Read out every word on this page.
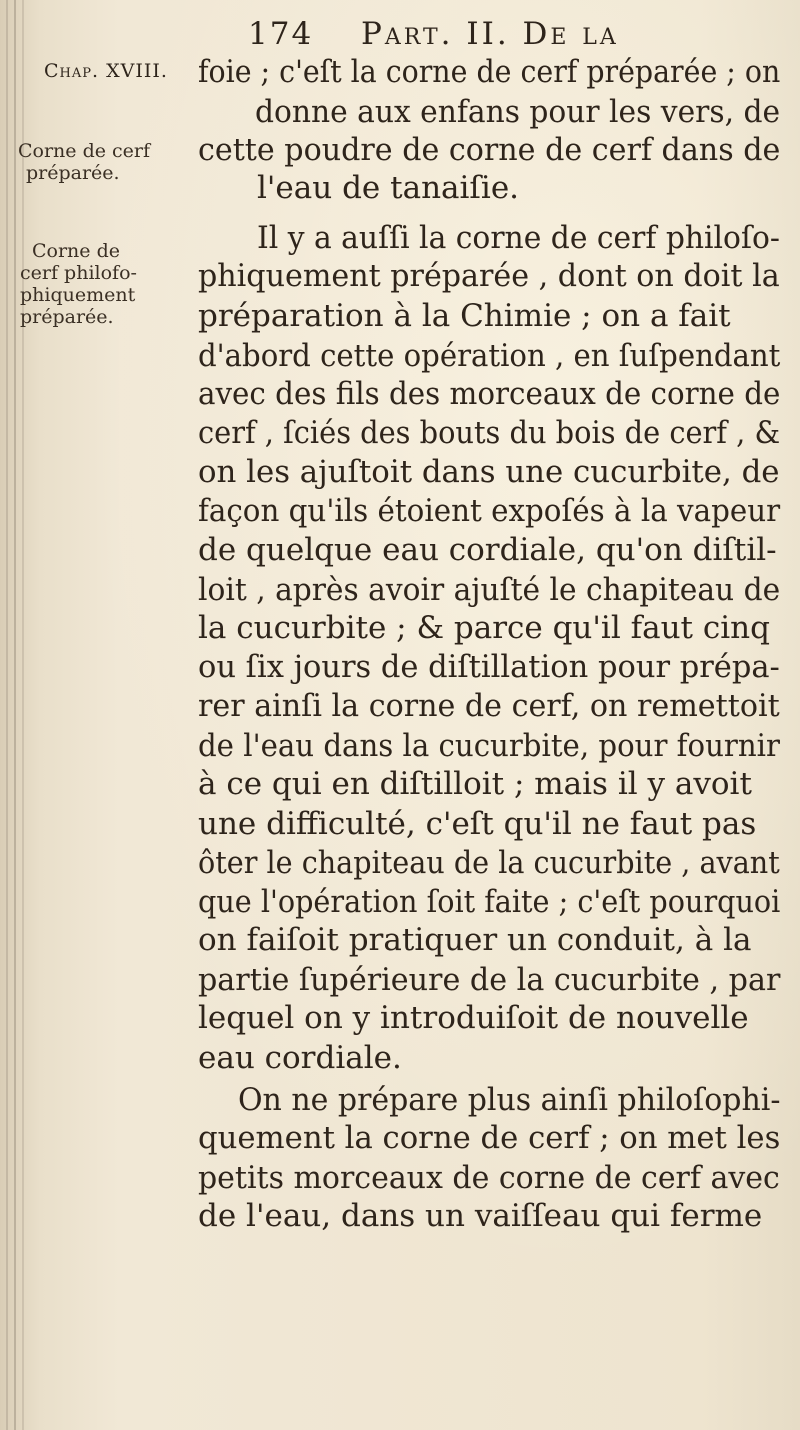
174 Part. II. De la
Chap. XVIII.
Corne de cerf
préparée.
Corne de
cerf philofo-
phiquement
préparée.
foie ; c'eſt la corne de cerf préparée ; on
donne aux enfans pour les vers, de
cette poudre de corne de cerf dans de
l'eau de tanaiſie.
Il y a auſſi la corne de cerf philoſo-
phiquement préparée , dont on doit la
préparation à la Chimie ; on a fait
d'abord cette opération , en ſuſpendant
avec des fils des morceaux de corne de
cerf , ſciés des bouts du bois de cerf , &
on les ajuſtoit dans une cucurbite, de
façon qu'ils étoient expoſés à la vapeur
de quelque eau cordiale, qu'on diſtil-
loit , après avoir ajuſté le chapiteau de
la cucurbite ; & parce qu'il faut cinq
ou ſix jours de diſtillation pour prépa-
rer ainſi la corne de cerf, on remettoit
de l'eau dans la cucurbite, pour fournir
à ce qui en diſtilloit ; mais il y avoit
une difficulté, c'eſt qu'il ne faut pas
ôter le chapiteau de la cucurbite , avant
que l'opération ſoit faite ; c'eſt pourquoi
on faiſoit pratiquer un conduit, à la
partie ſupérieure de la cucurbite , par
lequel on y introduiſoit de nouvelle
eau cordiale.
On ne prépare plus ainſi philoſophi-
quement la corne de cerf ; on met les
petits morceaux de corne de cerf avec
de l'eau, dans un vaiſſeau qui ferme
